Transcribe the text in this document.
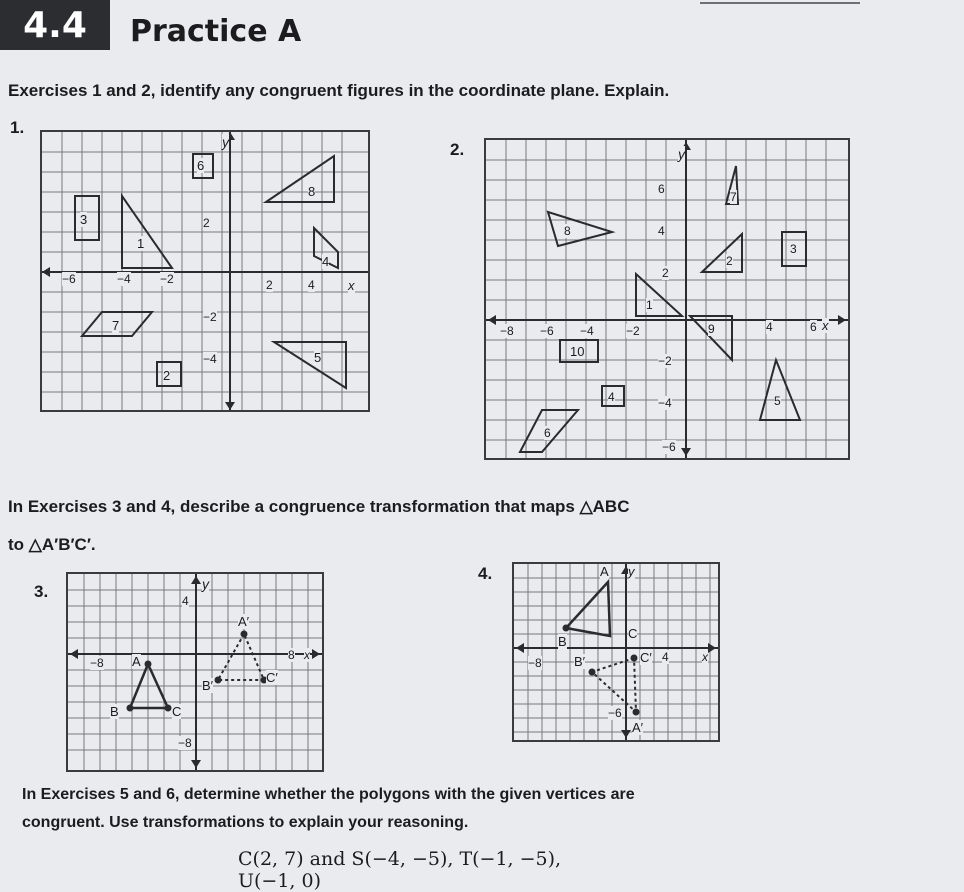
4.4	Practice A
Exercises 1 and 2, identify any congruent figures in the coordinate plane. Explain.
1.
y
x
−6	−4 −2	2	4
2
−2
−4
6
8
3
1
4
7
5
2
2.	y
x
−8 −6 −4	−2	4	6
6
4
2
−2
−4
−6
7
8
2
3
1
9
10
4	5
6
In Exercises 3 and 4, describe a congruence transformation that maps △ABC
to △A′B′C′.
3.	y
x
−8
8
4
−8
A
B	C
A′
B′
C′
4.	y
x
−8	4
−6
A
B
C
B′	C′
A′
In Exercises 5 and 6, determine whether the polygons with the given vertices are
congruent. Use transformations to explain your reasoning.
C(2, 7) and S(−4, −5), T(−1, −5), U(−1, 0)
